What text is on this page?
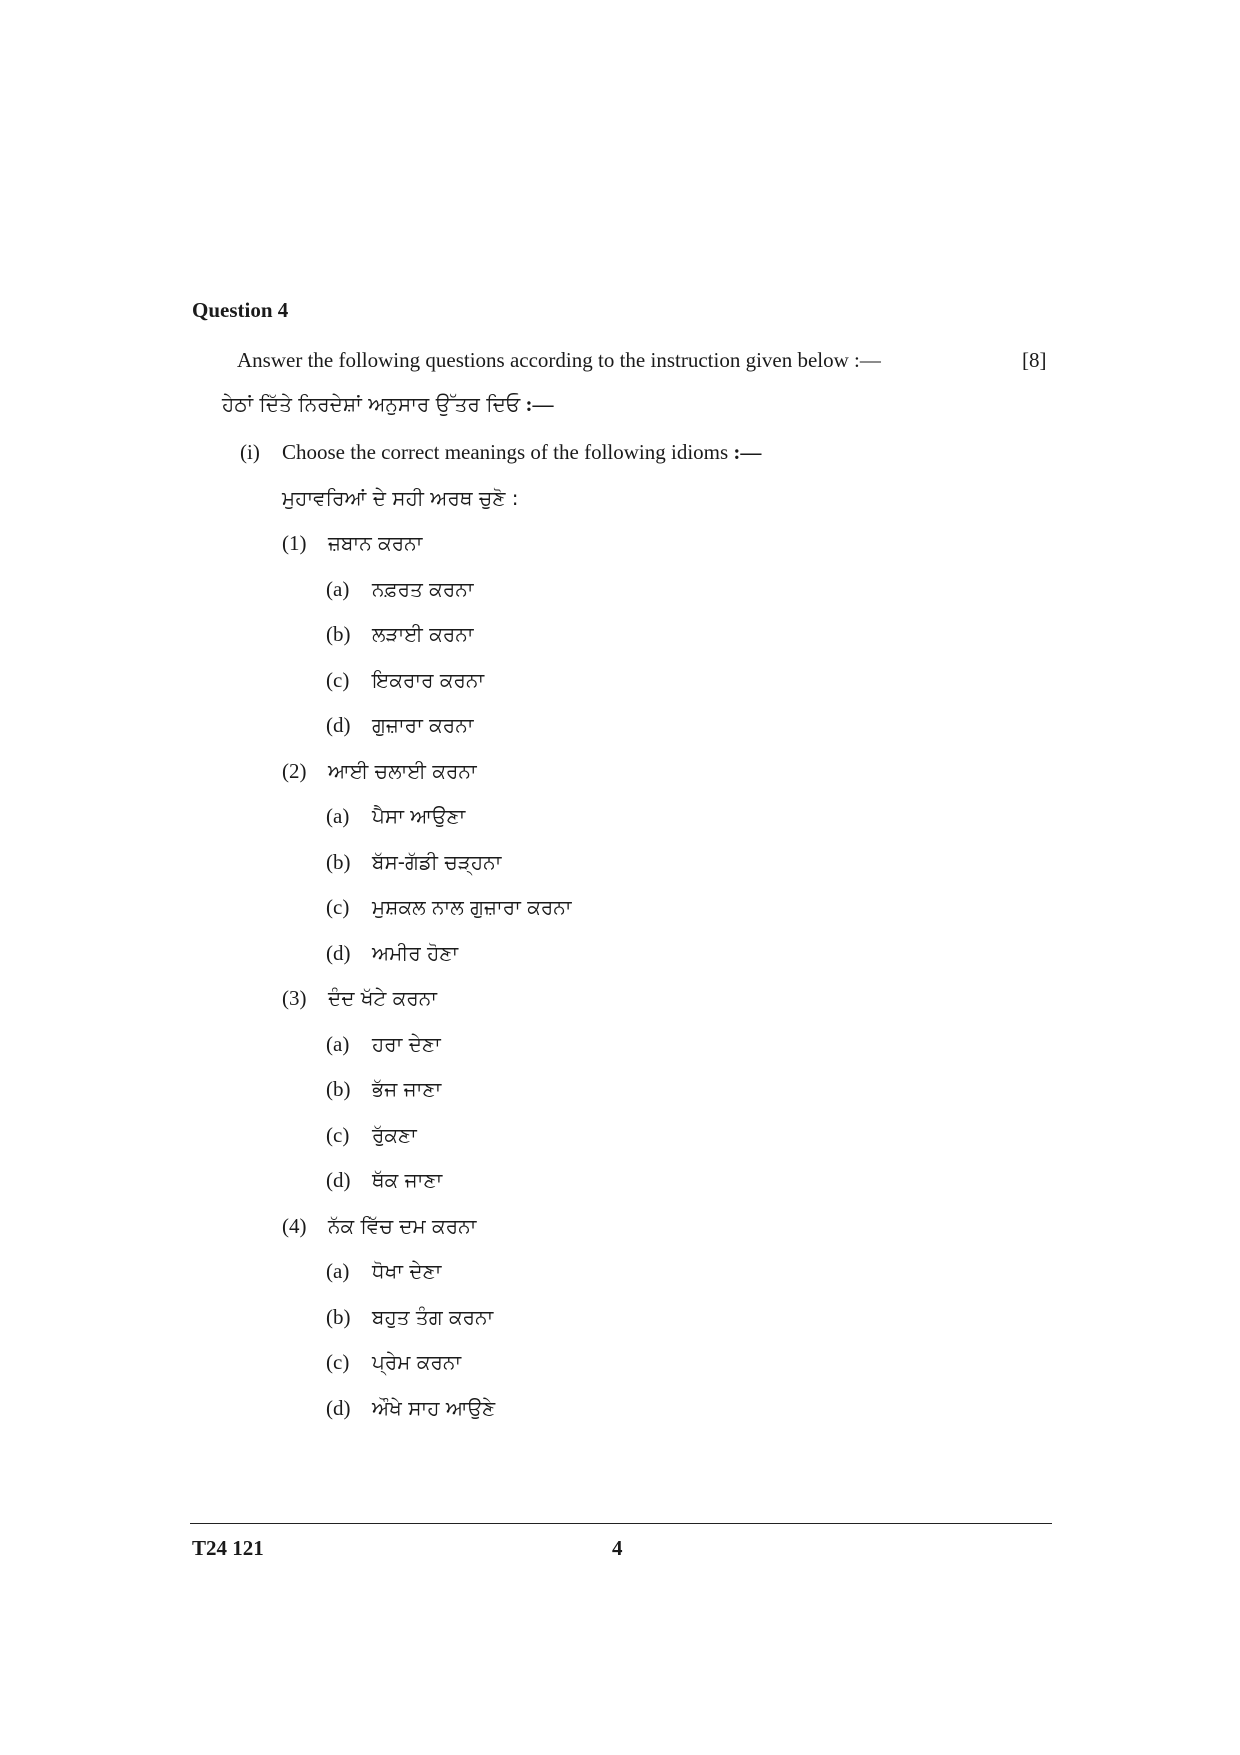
Question 4
Answer the following questions according to the instruction given below :—	[8]
ਹੇਠਾਂ ਦਿੱਤੇ ਨਿਰਦੇਸ਼ਾਂ ਅਨੁਸਾਰ ਉੱਤਰ ਦਿਓ :—
(i) Choose the correct meanings of the following idioms :—
ਮੁਹਾਵਰਿਆਂ ਦੇ ਸਹੀ ਅਰਥ ਚੁਣੋ :
(1) ਜ਼ਬਾਨ ਕਰਨਾ
(a) ਨਫ਼ਰਤ ਕਰਨਾ
(b) ਲੜਾਈ ਕਰਨਾ
(c) ਇਕਰਾਰ ਕਰਨਾ
(d) ਗੁਜ਼ਾਰਾ ਕਰਨਾ
(2) ਆਈ ਚਲਾਈ ਕਰਨਾ
(a) ਪੈਸਾ ਆਉਣਾ
(b) ਬੱਸ-ਗੱਡੀ ਚੜ੍ਹਨਾ
(c) ਮੁਸ਼ਕਲ ਨਾਲ ਗੁਜ਼ਾਰਾ ਕਰਨਾ
(d) ਅਮੀਰ ਹੋਣਾ
(3) ਦੰਦ ਖੱਟੇ ਕਰਨਾ
(a) ਹਰਾ ਦੇਣਾ
(b) ਭੱਜ ਜਾਣਾ
(c) ਰੁੱਕਣਾ
(d) ਥੱਕ ਜਾਣਾ
(4) ਨੱਕ ਵਿੱਚ ਦਮ ਕਰਨਾ
(a) ਧੋਖਾ ਦੇਣਾ
(b) ਬਹੁਤ ਤੰਗ ਕਰਨਾ
(c) ਪ੍ਰੇਮ ਕਰਨਾ
(d) ਔਖੇ ਸਾਹ ਆਉਣੇ
T24 121	4
